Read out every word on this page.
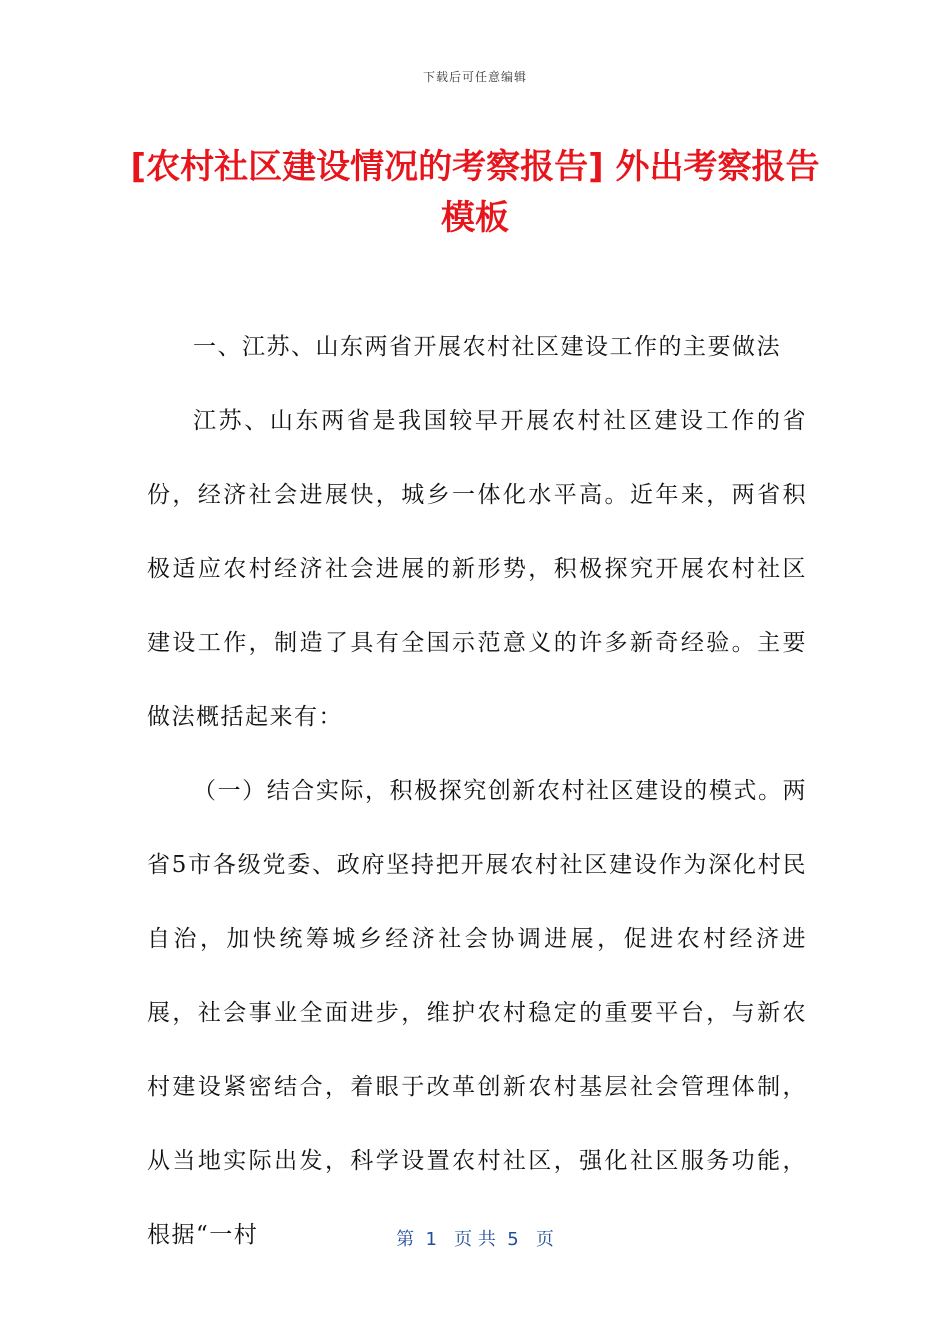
下载后可任意编辑
[农村社区建设情况的考察报告] 外出考察报告模板

一、江苏、山东两省开展农村社区建设工作的主要做法

江苏、山东两省是我国较早开展农村社区建设工作的省份，经济社会进展快，城乡一体化水平高。近年来，两省积极适应农村经济社会进展的新形势，积极探究开展农村社区建设工作，制造了具有全国示范意义的许多新奇经验。主要做法概括起来有：

（一）结合实际，积极探究创新农村社区建设的模式。两省5市各级党委、政府坚持把开展农村社区建设作为深化村民自治，加快统筹城乡经济社会协调进展，促进农村经济进展，社会事业全面进步，维护农村稳定的重要平台，与新农村建设紧密结合，着眼于改革创新农村基层社会管理体制，从当地实际出发，科学设置农村社区，强化社区服务功能，根据“一村	第  1   页 共  5   页
